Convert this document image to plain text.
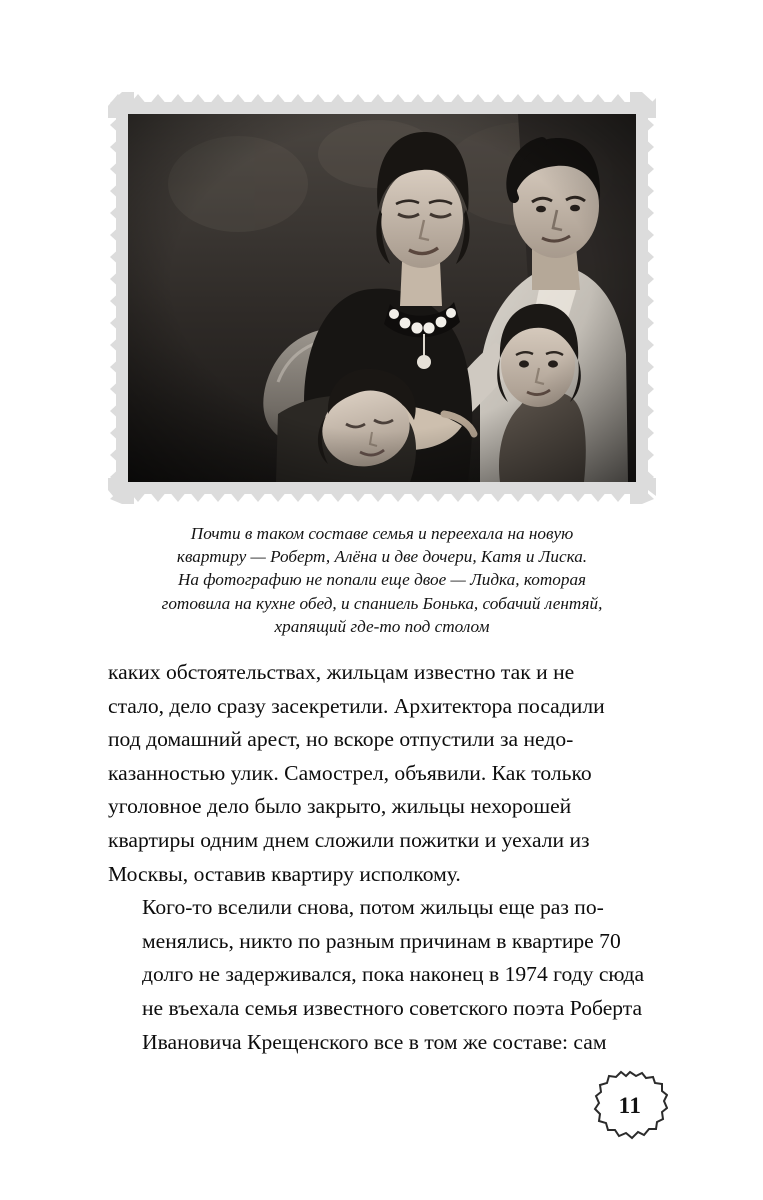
Почти в таком составе семья и переехала на новую
квартиру — Роберт, Алёна и две дочери, Катя и Лиска.
На фотографию не попали еще двое — Лидка, которая
готовила на кухне обед, и спаниель Бонька, собачий лентяй,
храпящий где-то под столом

каких обстоятельствах, жильцам известно так и не
стало, дело сразу засекретили. Архитектора посадили
под домашний арест, но вскоре отпустили за недо-
казанностью улик. Самострел, объявили. Как только
уголовное дело было закрыто, жильцы нехорошей
квартиры одним днем сложили пожитки и уехали из
Москвы, оставив квартиру исполкому.

Кого-то вселили снова, потом жильцы еще раз по-
менялись, никто по разным причинам в квартире 70
долго не задерживался, пока наконец в 1974 году сюда
не въехала семья известного советского поэта Роберта
Ивановича Крещенского все в том же составе: сам

11
